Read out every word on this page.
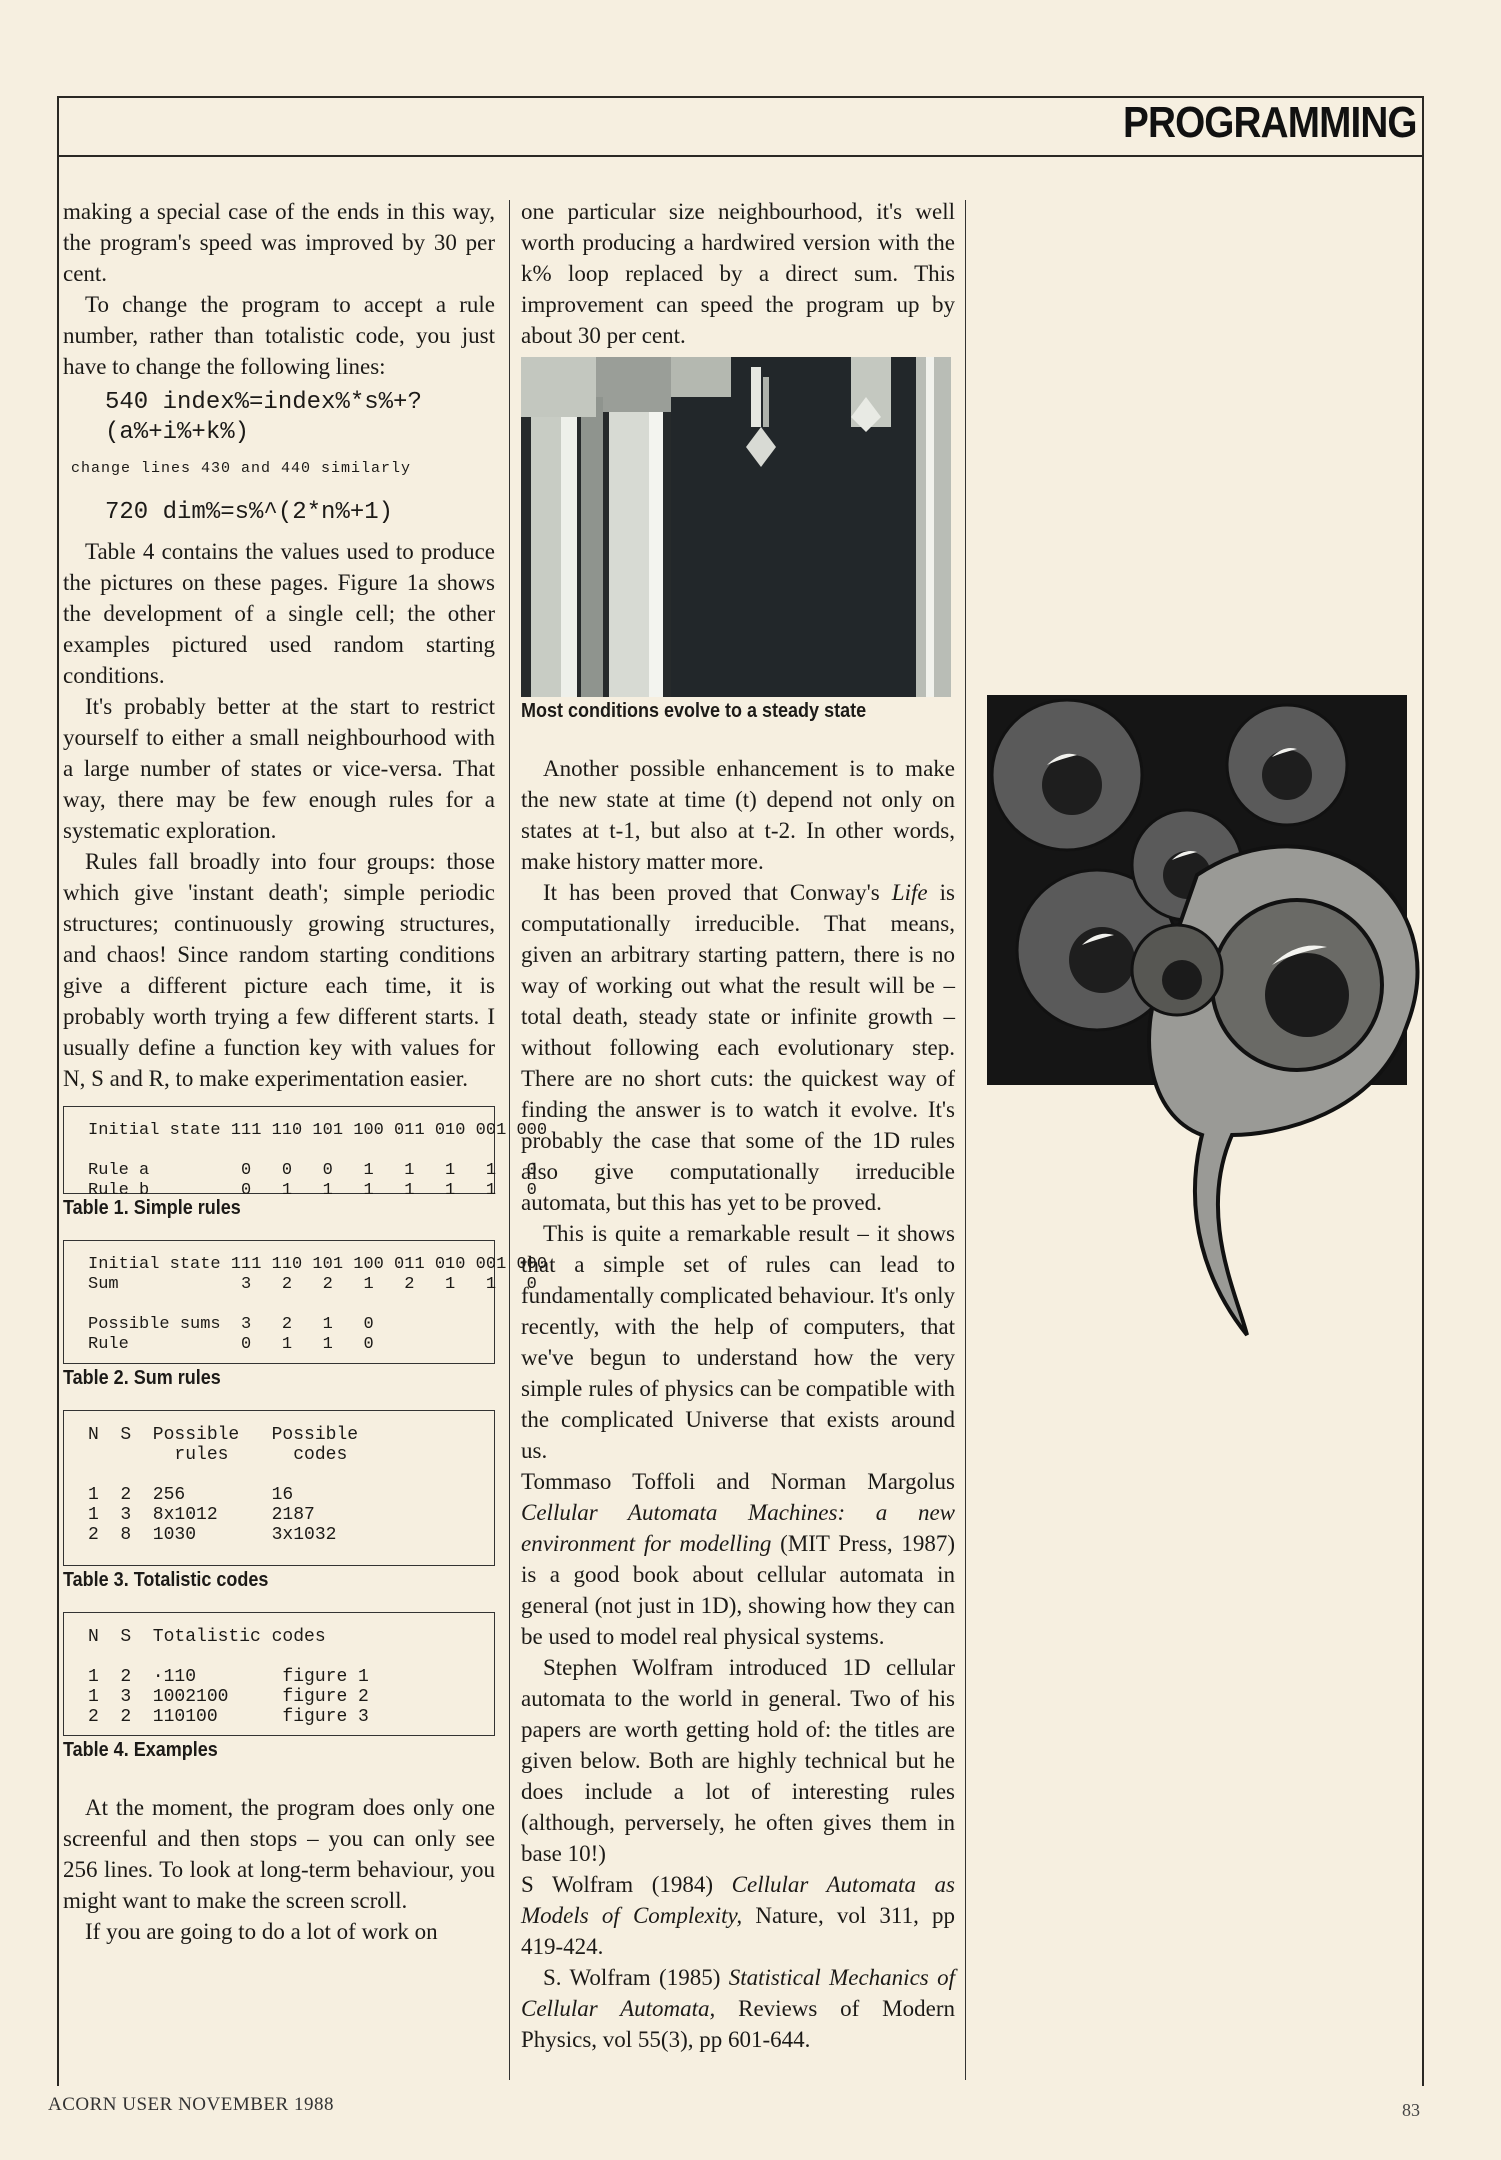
PROGRAMMING

making a special case of the ends in this way, the program's speed was improved by 30 per cent.

To change the program to accept a rule number, rather than totalistic code, you just have to change the following lines:

540 index%=index%*s%+?
(a%+i%+k%)
change lines 430 and 440 similarly
720 dim%=s%^(2*n%+1)

Table 4 contains the values used to produce the pictures on these pages. Figure 1a shows the development of a single cell; the other examples pictured used random starting conditions.

It's probably better at the start to restrict yourself to either a small neighbourhood with a large number of states or vice-versa. That way, there may be few enough rules for a systematic exploration.

Rules fall broadly into four groups: those which give 'instant death'; simple periodic structures; continuously growing structures, and chaos! Since random starting conditions give a different picture each time, it is probably worth trying a few different starts. I usually define a function key with values for N, S and R, to make experimentation easier.

Initial state 111 110 101 100 011 010 001 000

Rule a         0   0   0   1   1   1   1   0
Rule b         0   1   1   1   1   1   1   0
Table 1. Simple rules
Initial state 111 110 101 100 011 010 001 000
Sum            3   2   2   1   2   1   1   0

Possible sums  3   2   1   0
Rule           0   1   1   0
Table 2. Sum rules
N  S  Possible   Possible
rules      codes

1  2  256        16
1  3  8x1012     2187
2  8  1030       3x1032
Table 3. Totalistic codes
N  S  Totalistic codes

1  2  ·110        figure 1
1  3  1002100     figure 2
2  2  110100      figure 3
Table 4. Examples

At the moment, the program does only one screenful and then stops – you can only see 256 lines. To look at long-term behaviour, you might want to make the screen scroll.

If you are going to do a lot of work on

one particular size neighbourhood, it's well worth producing a hardwired version with the k% loop replaced by a direct sum. This improvement can speed the program up by about 30 per cent.

Most conditions evolve to a steady state

Another possible enhancement is to make the new state at time (t) depend not only on states at t-1, but also at t-2. In other words, make history matter more.

It has been proved that Conway's Life is computationally irreducible. That means, given an arbitrary starting pattern, there is no way of working out what the result will be – total death, steady state or infinite growth – without following each evolutionary step. There are no short cuts: the quickest way of finding the answer is to watch it evolve. It's probably the case that some of the 1D rules also give computationally irreducible automata, but this has yet to be proved.

This is quite a remarkable result – it shows that a simple set of rules can lead to fundamentally complicated behaviour. It's only recently, with the help of computers, that we've begun to understand how the very simple rules of physics can be compatible with the complicated Universe that exists around us.

Tommaso Toffoli and Norman Margolus Cellular Automata Machines: a new environment for modelling (MIT Press, 1987) is a good book about cellular automata in general (not just in 1D), showing how they can be used to model real physical systems.

Stephen Wolfram introduced 1D cellular automata to the world in general. Two of his papers are worth getting hold of: the titles are given below. Both are highly technical but he does include a lot of interesting rules (although, perversely, he often gives them in base 10!)

S Wolfram (1984) Cellular Automata as Models of Complexity, Nature, vol 311, pp 419-424.

S. Wolfram (1985) Statistical Mechanics of Cellular Automata, Reviews of Modern Physics, vol 55(3), pp 601-644.

ACORN USER NOVEMBER 1988	83
